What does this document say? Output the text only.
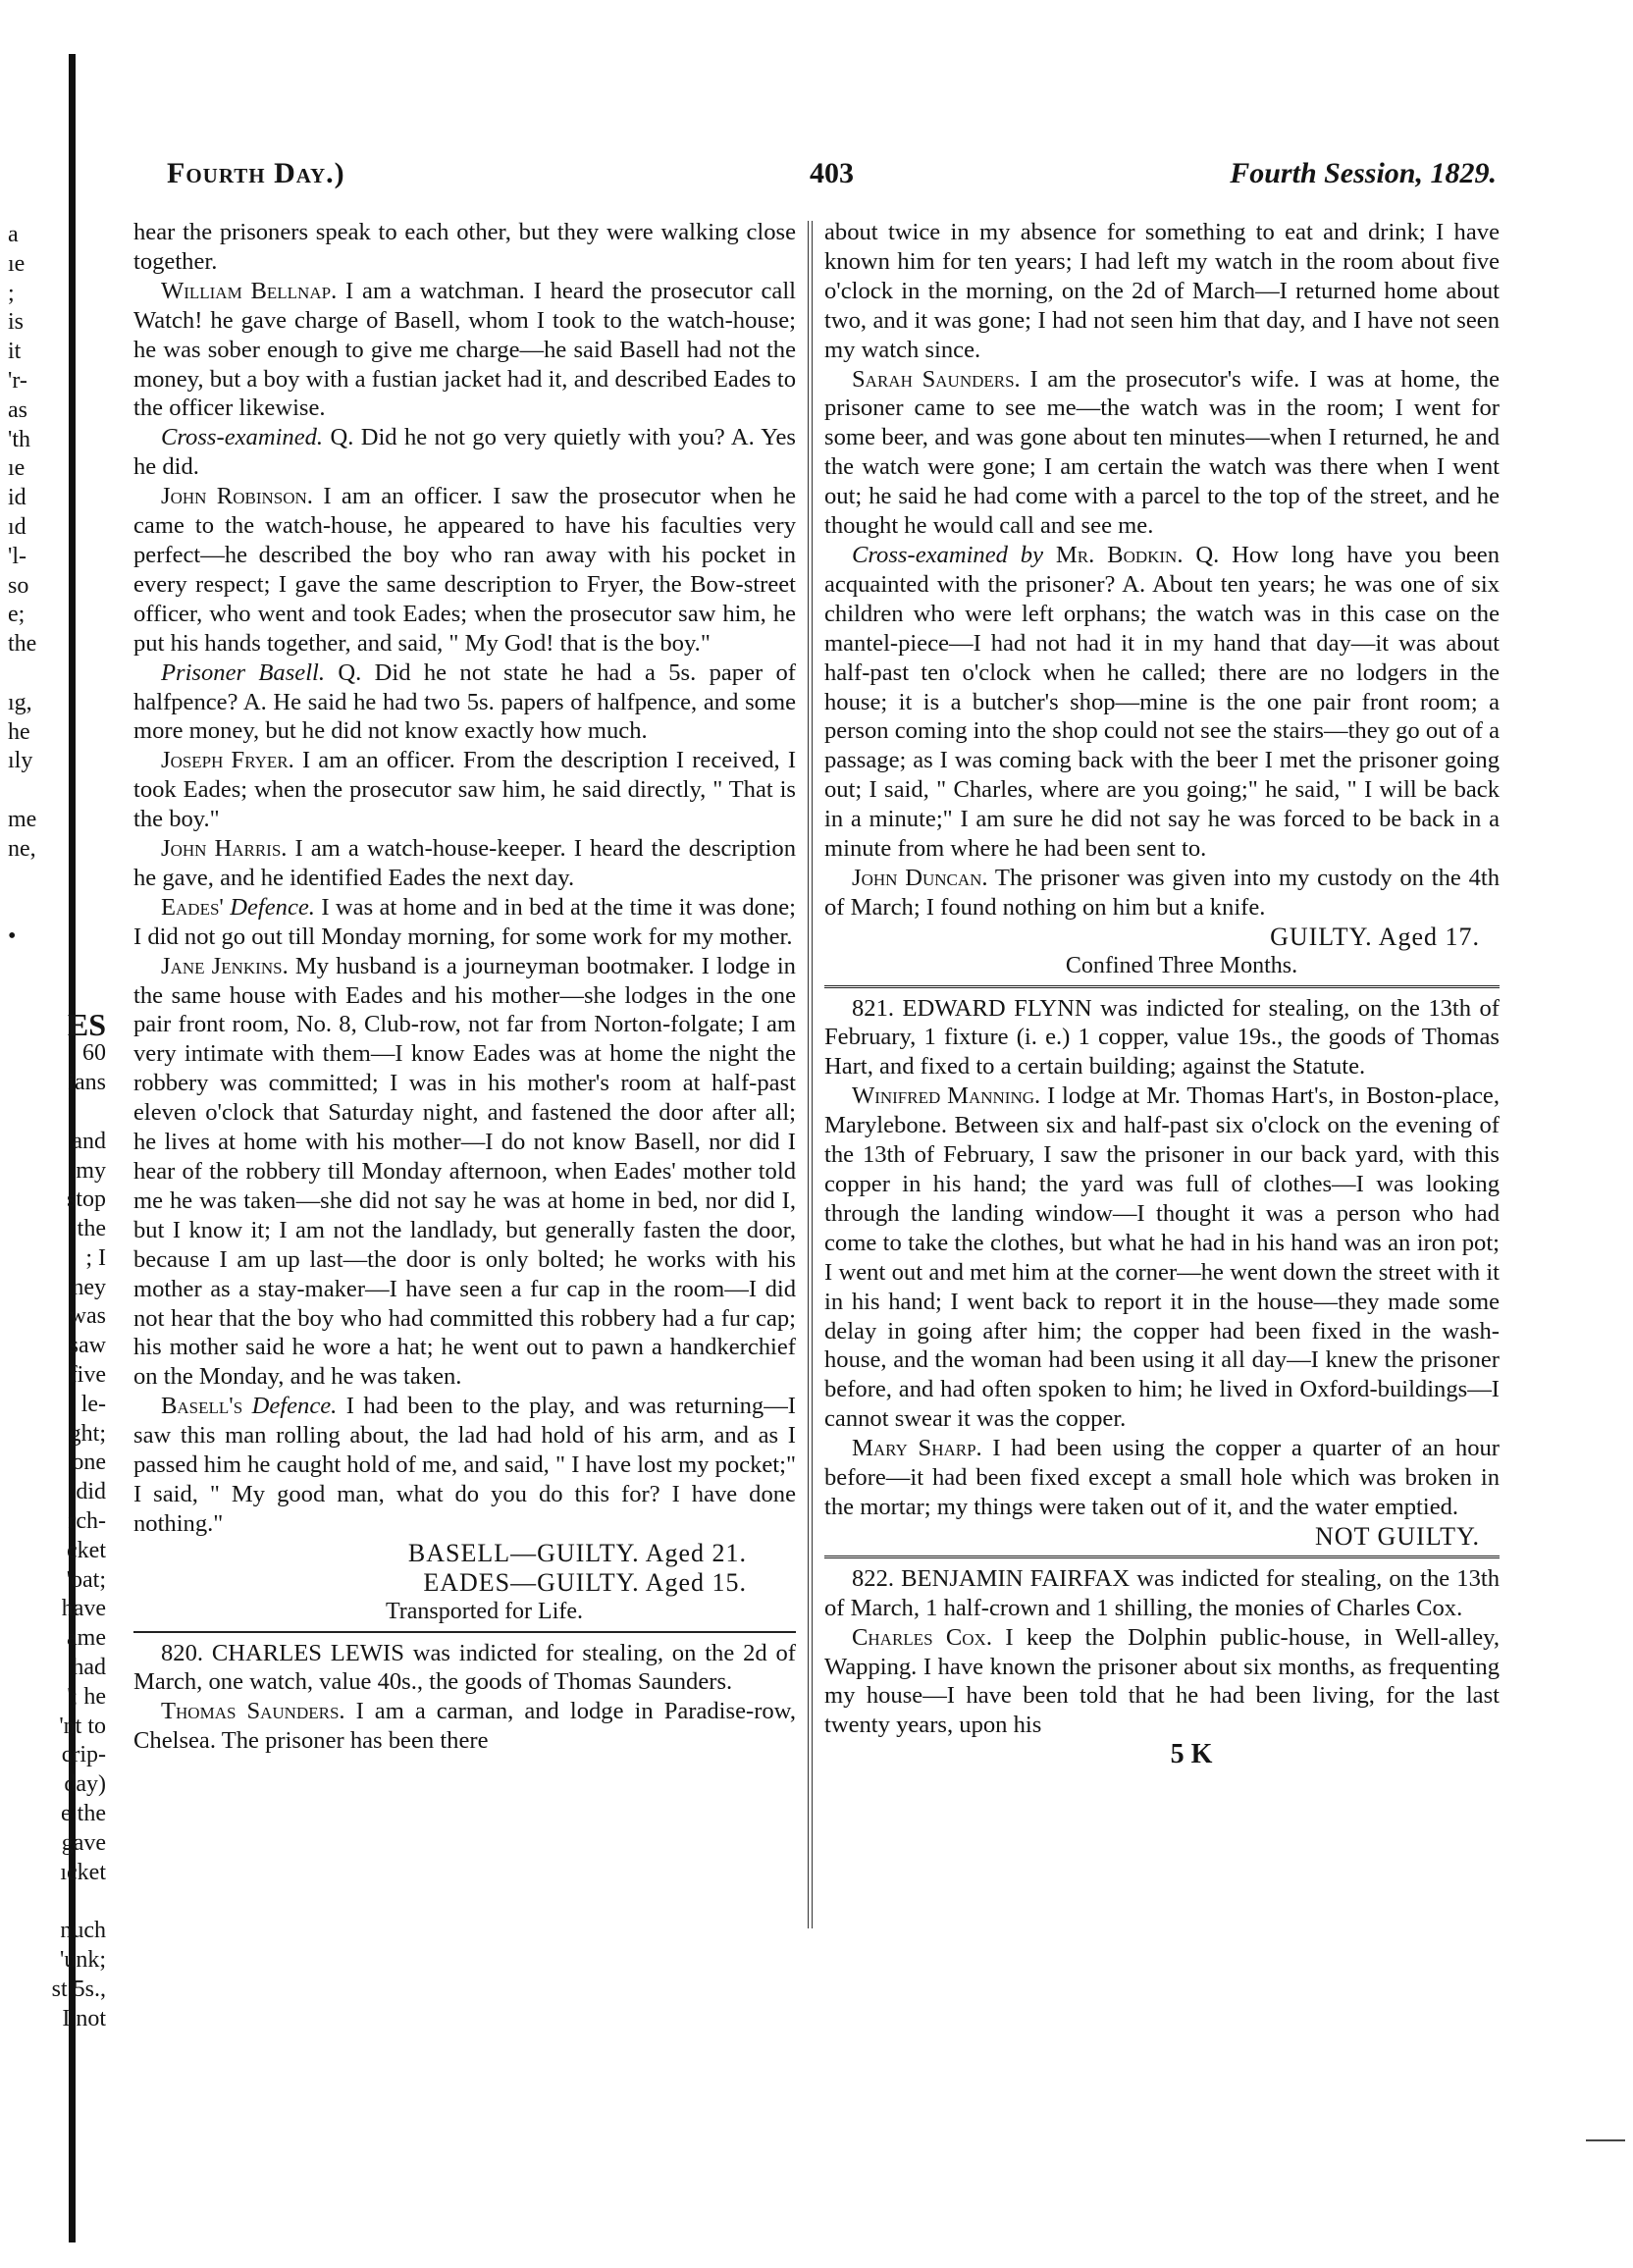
a
ıe
;
is
it
'r-
as
'th
ıe
id
ıd
'l-
so
e;
the
ıg,
he
ıly
me
ne,
•
ES
60
ians
and
my
stop
the
; I
ney
was
saw
five
le-
ght;
one
did
rch-
cket
'oat;
have
ame
had
'; he
'nt to
crip-
day)
e the
gave
ıcket
nuch
'unk;
st 5s.,
I not
Fourth Day.)	403	Fourth Session, 1829.

hear the prisoners speak to each other, but they were walking close together.

William Bellnap. I am a watchman. I heard the prosecutor call Watch! he gave charge of Basell, whom I took to the watch-house; he was sober enough to give me charge—he said Basell had not the money, but a boy with a fustian jacket had it, and described Eades to the officer likewise.

Cross-examined. Q. Did he not go very quietly with you? A. Yes he did.

John Robinson. I am an officer. I saw the prosecutor when he came to the watch-house, he appeared to have his faculties very perfect—he described the boy who ran away with his pocket in every respect; I gave the same description to Fryer, the Bow-street officer, who went and took Eades; when the prosecutor saw him, he put his hands together, and said, " My God! that is the boy."

Prisoner Basell. Q. Did he not state he had a 5s. paper of halfpence? A. He said he had two 5s. papers of halfpence, and some more money, but he did not know exactly how much.

Joseph Fryer. I am an officer. From the description I received, I took Eades; when the prosecutor saw him, he said directly, " That is the boy."

John Harris. I am a watch-house-keeper. I heard the description he gave, and he identified Eades the next day.

Eades' Defence. I was at home and in bed at the time it was done; I did not go out till Monday morning, for some work for my mother.

Jane Jenkins. My husband is a journeyman bootmaker. I lodge in the same house with Eades and his mother—she lodges in the one pair front room, No. 8, Club-row, not far from Norton-folgate; I am very intimate with them—I know Eades was at home the night the robbery was committed; I was in his mother's room at half-past eleven o'clock that Saturday night, and fastened the door after all; he lives at home with his mother—I do not know Basell, nor did I hear of the robbery till Monday afternoon, when Eades' mother told me he was taken—she did not say he was at home in bed, nor did I, but I know it; I am not the landlady, but generally fasten the door, because I am up last—the door is only bolted; he works with his mother as a stay-maker—I have seen a fur cap in the room—I did not hear that the boy who had committed this robbery had a fur cap; his mother said he wore a hat; he went out to pawn a handkerchief on the Monday, and he was taken.

Basell's Defence. I had been to the play, and was returning—I saw this man rolling about, the lad had hold of his arm, and as I passed him he caught hold of me, and said, " I have lost my pocket;" I said, " My good man, what do you do this for? I have done nothing."

BASELL—GUILTY. Aged 21.
EADES—GUILTY. Aged 15.
Transported for Life.

820. CHARLES LEWIS was indicted for stealing, on the 2d of March, one watch, value 40s., the goods of Thomas Saunders.

Thomas Saunders. I am a carman, and lodge in Paradise-row, Chelsea. The prisoner has been there

about twice in my absence for something to eat and drink; I have known him for ten years; I had left my watch in the room about five o'clock in the morning, on the 2d of March—I returned home about two, and it was gone; I had not seen him that day, and I have not seen my watch since.

Sarah Saunders. I am the prosecutor's wife. I was at home, the prisoner came to see me—the watch was in the room; I went for some beer, and was gone about ten minutes—when I returned, he and the watch were gone; I am certain the watch was there when I went out; he said he had come with a parcel to the top of the street, and he thought he would call and see me.

Cross-examined by Mr. Bodkin. Q. How long have you been acquainted with the prisoner? A. About ten years; he was one of six children who were left orphans; the watch was in this case on the mantel-piece—I had not had it in my hand that day—it was about half-past ten o'clock when he called; there are no lodgers in the house; it is a butcher's shop—mine is the one pair front room; a person coming into the shop could not see the stairs—they go out of a passage; as I was coming back with the beer I met the prisoner going out; I said, " Charles, where are you going;" he said, " I will be back in a minute;" I am sure he did not say he was forced to be back in a minute from where he had been sent to.

John Duncan. The prisoner was given into my custody on the 4th of March; I found nothing on him but a knife.

GUILTY. Aged 17.
Confined Three Months.

821. EDWARD FLYNN was indicted for stealing, on the 13th of February, 1 fixture (i. e.) 1 copper, value 19s., the goods of Thomas Hart, and fixed to a certain building; against the Statute.

Winifred Manning. I lodge at Mr. Thomas Hart's, in Boston-place, Marylebone. Between six and half-past six o'clock on the evening of the 13th of February, I saw the prisoner in our back yard, with this copper in his hand; the yard was full of clothes—I was looking through the landing window—I thought it was a person who had come to take the clothes, but what he had in his hand was an iron pot; I went out and met him at the corner—he went down the street with it in his hand; I went back to report it in the house—they made some delay in going after him; the copper had been fixed in the wash-house, and the woman had been using it all day—I knew the prisoner before, and had often spoken to him; he lived in Oxford-buildings—I cannot swear it was the copper.

Mary Sharp. I had been using the copper a quarter of an hour before—it had been fixed except a small hole which was broken in the mortar; my things were taken out of it, and the water emptied.

NOT GUILTY.

822. BENJAMIN FAIRFAX was indicted for stealing, on the 13th of March, 1 half-crown and 1 shilling, the monies of Charles Cox.

Charles Cox. I keep the Dolphin public-house, in Well-alley, Wapping. I have known the prisoner about six months, as frequenting my house—I have been told that he had been living, for the last twenty years, upon his

5 K
